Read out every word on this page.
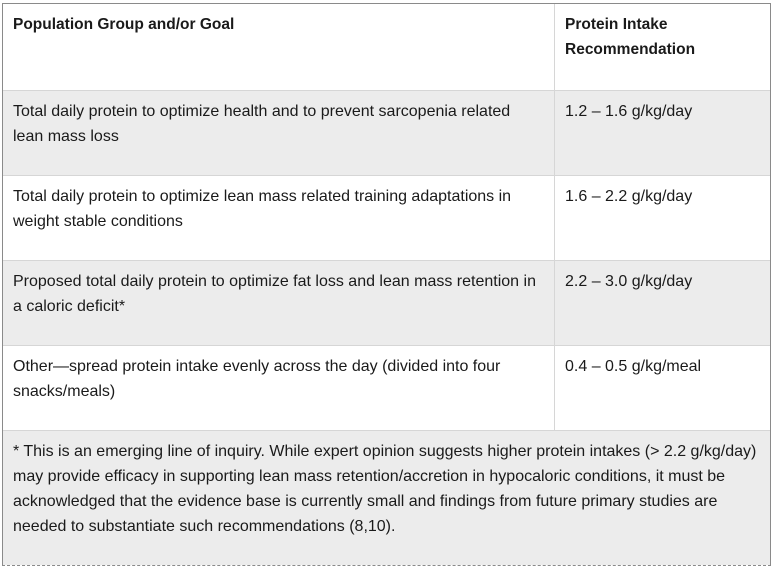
Population Group and/or Goal	Protein Intake Recommendation
Total daily protein to optimize health and to prevent sarcopenia related lean mass loss
1.2 – 1.6 g/kg/day
Total daily protein to optimize lean mass related training adaptations in weight stable conditions
1.6 – 2.2 g/kg/day
Proposed total daily protein to optimize fat loss and lean mass retention in a caloric deficit*
2.2 – 3.0 g/kg/day
Other—spread protein intake evenly across the day (divided into four snacks/meals)
0.4 – 0.5 g/kg/meal
* This is an emerging line of inquiry. While expert opinion suggests higher protein intakes (> 2.2 g/kg/day) may provide efficacy in supporting lean mass retention/accretion in hypocaloric conditions, it must be acknowledged that the evidence base is currently small and findings from future primary studies are needed to substantiate such recommendations (8,10).
